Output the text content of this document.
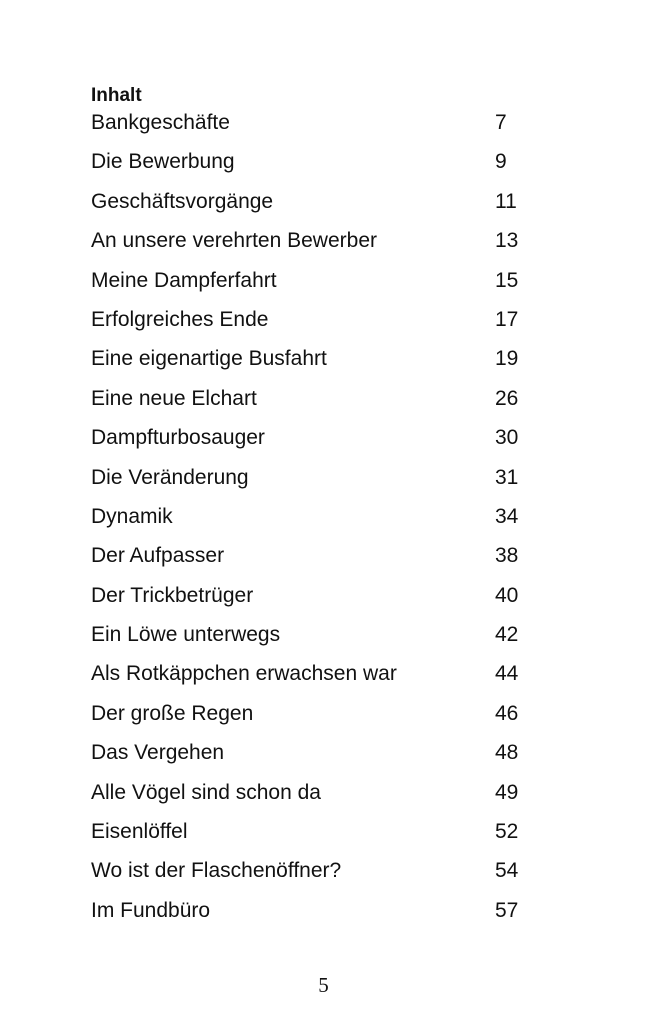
Inhalt
Bankgeschäfte	7
Die Bewerbung	9
Geschäftsvorgänge	11
An unsere verehrten Bewerber	13
Meine Dampferfahrt	15
Erfolgreiches Ende	17
Eine eigenartige Busfahrt	19
Eine neue Elchart	26
Dampfturbosauger	30
Die Veränderung	31
Dynamik	34
Der Aufpasser	38
Der Trickbetrüger	40
Ein Löwe unterwegs	42
Als Rotkäppchen erwachsen war	44
Der große Regen	46
Das Vergehen	48
Alle Vögel sind schon da	49
Eisenlöffel	52
Wo ist der Flaschenöffner?	54
Im Fundbüro	57
5
